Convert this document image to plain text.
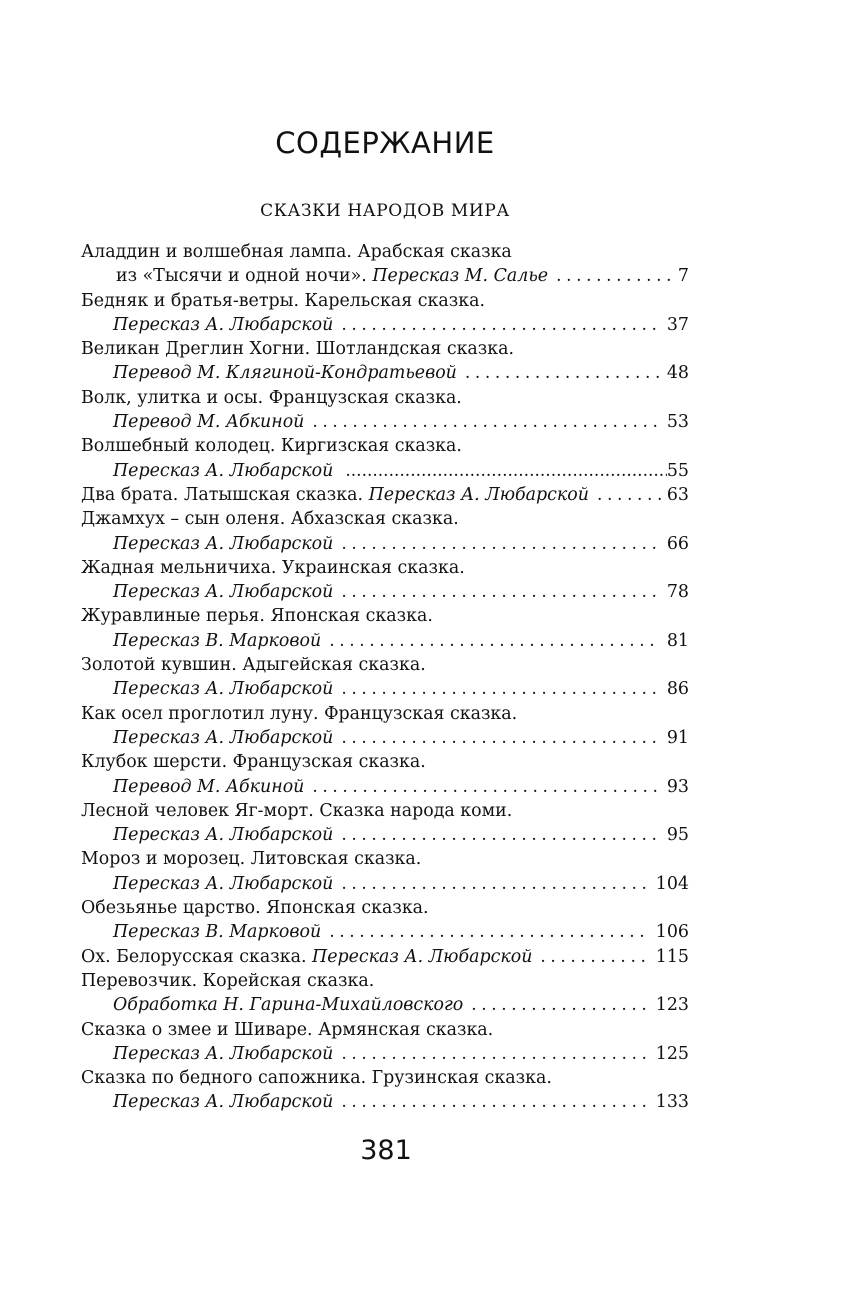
СОДЕРЖАНИЕ
СКАЗКИ НАРОДОВ МИРА
Аладдин и волшебная лампа. Арабская сказка
из «Тысячи и одной ночи». Пересказ М. Салье .....	7
Бедняк и братья-ветры. Карельская сказка.
Пересказ А. Любарской .....	37
Великан Дреглин Хогни. Шотландская сказка.
Перевод М. Клягиной-Кондратьевой .....	48
Волк, улитка и осы. Французская сказка.
Перевод М. Абкиной .....	53
Волшебный колодец. Киргизская сказка.
Пересказ А. Любарской .....	55
Два брата. Латышская сказка. Пересказ А. Любарской .....	63
Джамхух – сын оленя. Абхазская сказка.
Пересказ А. Любарской .....	66
Жадная мельничиха. Украинская сказка.
Пересказ А. Любарской .....	78
Журавлиные перья. Японская сказка.
Пересказ В. Марковой .....	81
Золотой кувшин. Адыгейская сказка.
Пересказ А. Любарской .....	86
Как осел проглотил луну. Французская сказка.
Пересказ А. Любарской .....	91
Клубок шерсти. Французская сказка.
Перевод М. Абкиной .....	93
Лесной человек Яг-морт. Сказка народа коми.
Пересказ А. Любарской .....	95
Мороз и морозец. Литовская сказка.
Пересказ А. Любарской .....	104
Обезьянье царство. Японская сказка.
Пересказ В. Марковой .....	106
Ох. Белорусская сказка. Пересказ А. Любарской .....	115
Перевозчик. Корейская сказка.
Обработка Н. Гарина-Михайловского .....	123
Сказка о змее и Шиваре. Армянская сказка.
Пересказ А. Любарской .....	125
Сказка по бедного сапожника. Грузинская сказка.
Пересказ А. Любарской .....	133
381
